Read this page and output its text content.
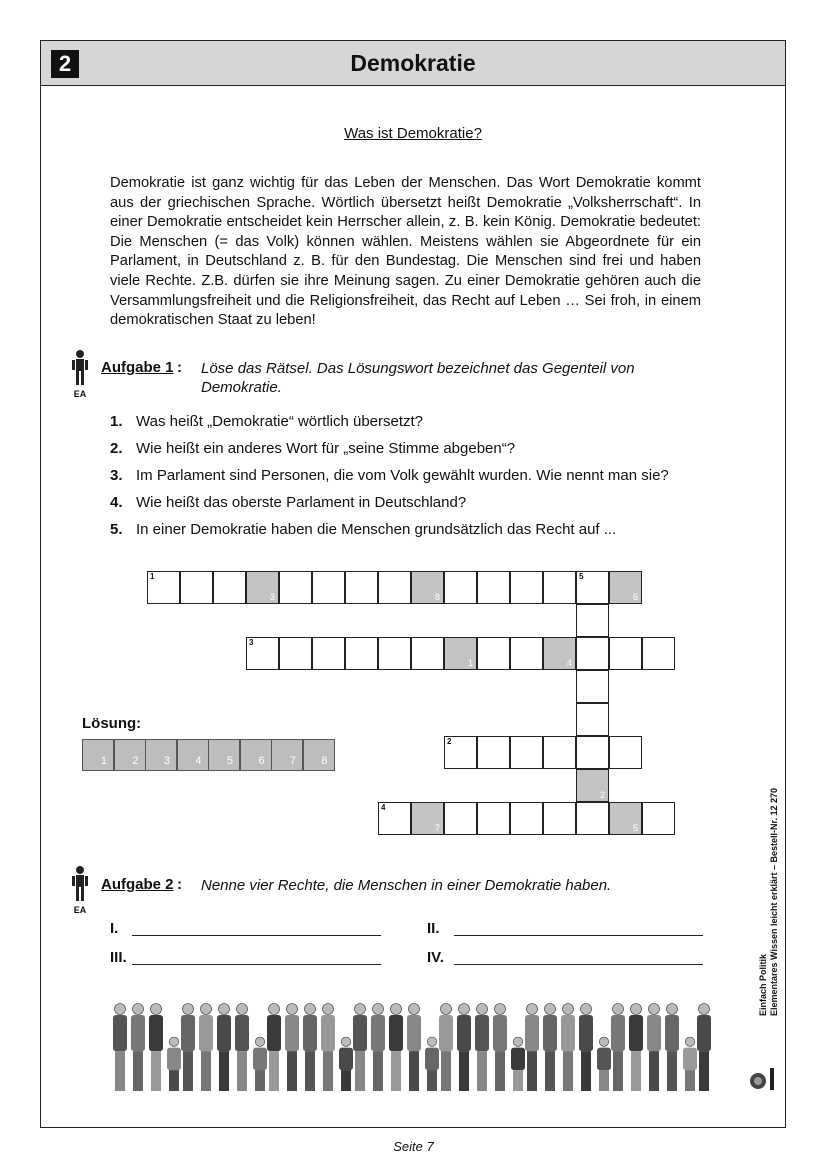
2	Demokratie
Was ist Demokratie?
Demokratie ist ganz wichtig für das Leben der Menschen. Das Wort Demokratie kommt aus der griechischen Sprache. Wörtlich übersetzt heißt Demokratie „Volksherrschaft“. In einer Demokratie entscheidet kein Herrscher allein, z. B. kein König. Demokratie bedeutet: Die Menschen (= das Volk) können wählen. Meistens wählen sie Abgeordnete für ein Parlament, in Deutschland z. B. für den Bundestag. Die Menschen sind frei und haben viele Rechte. Z.B. dürfen sie ihre Meinung sagen. Zu einer Demokratie gehören auch die Versammlungsfreiheit und die Religionsfreiheit, das Recht auf Leben … Sei froh, in einem demokratischen Staat zu leben!
EA
Aufgabe 1 : Löse das Rätsel. Das Lösungswort bezeichnet das Gegenteil von Demokratie.
1. Was heißt „Demokratie“ wörtlich übersetzt?
2. Wie heißt ein anderes Wort für „seine Stimme abgeben“?
3. Im Parlament sind Personen, die vom Volk gewählt wurden. Wie nennt man sie?
4. Wie heißt das oberste Parlament in Deutschland?
5. In einer Demokratie haben die Menschen grundsätzlich das Recht auf ...
1
3	8
5
6
3
1	4
2
4
7	5
2
Lösung:
1 2 3 4 5 6 7 8
EA
Aufgabe 2 : Nenne vier Rechte, die Menschen in einer Demokratie haben.
I.	II.
III.	IV.	Einfach Politik Elementares Wissen leicht erklärt – Bestell-Nr. 12 270
Seite 7
